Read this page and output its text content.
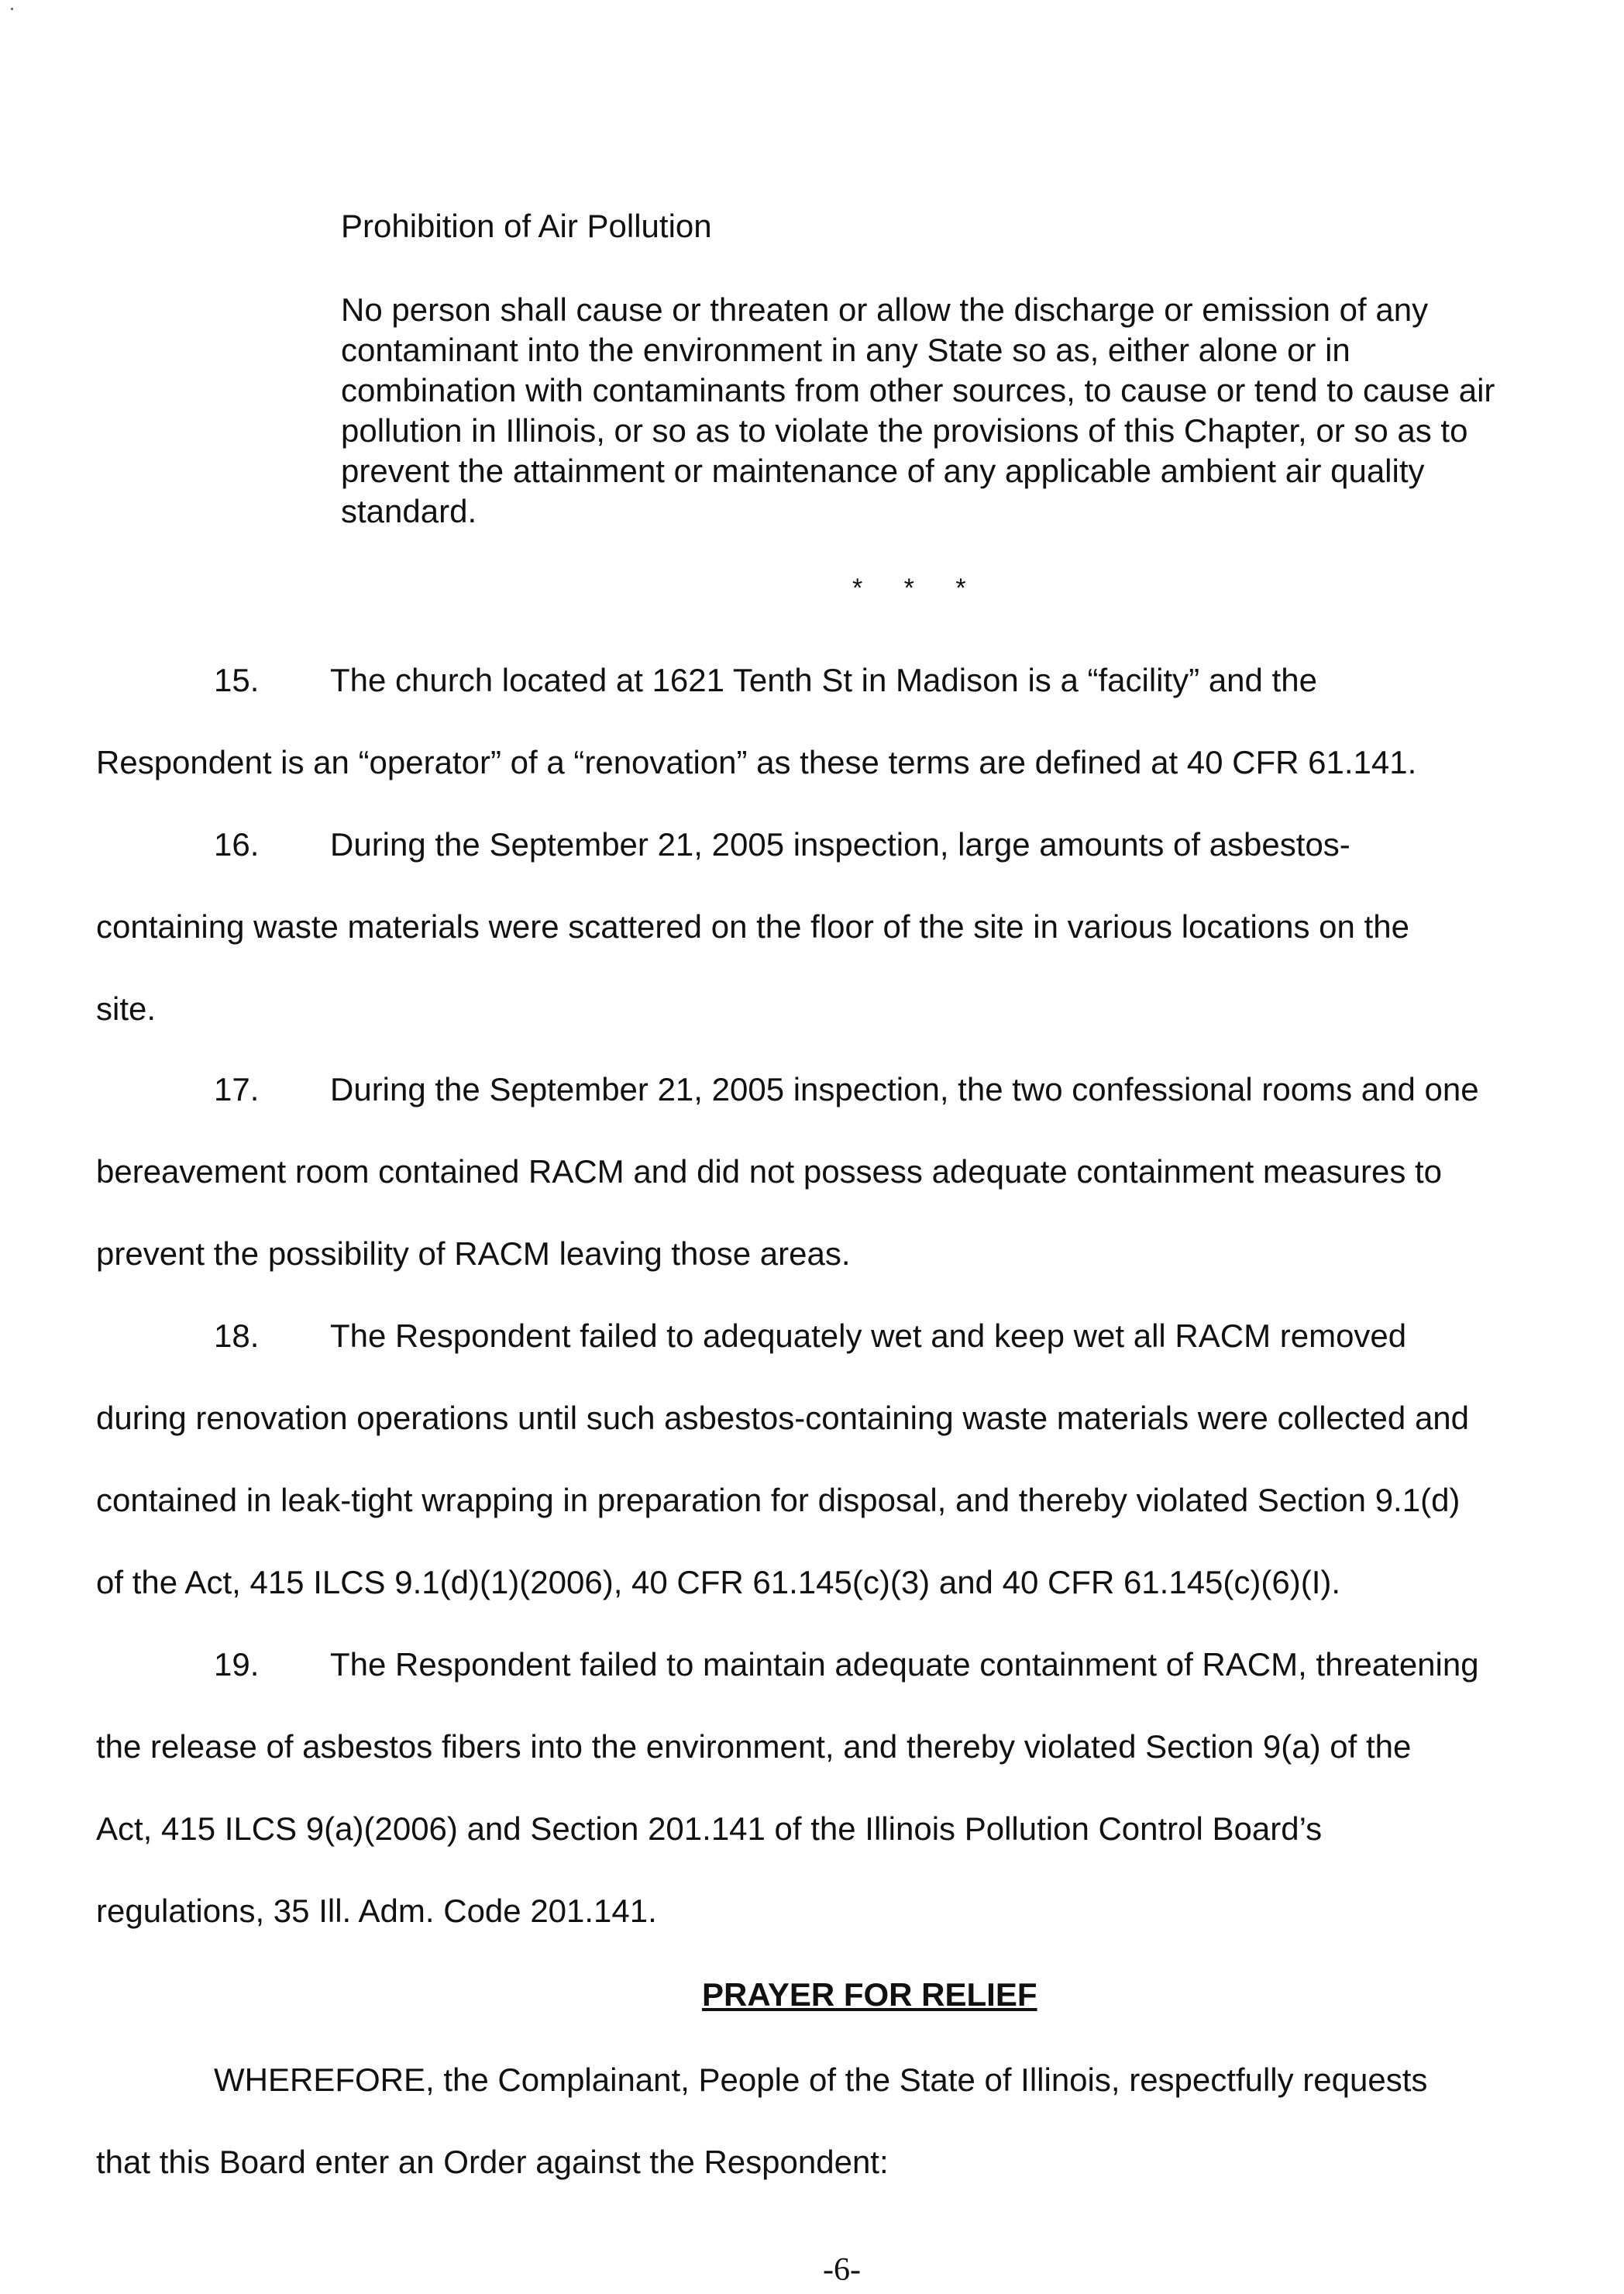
Prohibition of Air Pollution
No person shall cause or threaten or allow the discharge or emission of any
contaminant into the environment in any State so as, either alone or in
combination with contaminants from other sources, to cause or tend to cause air
pollution in Illinois, or so as to violate the provisions of this Chapter, or so as to
prevent the attainment or maintenance of any applicable ambient air quality
standard.
* * *
15. The church located at 1621 Tenth St in Madison is a “facility” and the
Respondent is an “operator” of a “renovation” as these terms are defined at 40 CFR 61.141.
16. During the September 21, 2005 inspection, large amounts of asbestos-
containing waste materials were scattered on the floor of the site in various locations on the
site.
17. During the September 21, 2005 inspection, the two confessional rooms and one
bereavement room contained RACM and did not possess adequate containment measures to
prevent the possibility of RACM leaving those areas.
18. The Respondent failed to adequately wet and keep wet all RACM removed
during renovation operations until such asbestos-containing waste materials were collected and
contained in leak-tight wrapping in preparation for disposal, and thereby violated Section 9.1(d)
of the Act, 415 ILCS 9.1(d)(1)(2006), 40 CFR 61.145(c)(3) and 40 CFR 61.145(c)(6)(I).
19. The Respondent failed to maintain adequate containment of RACM, threatening
the release of asbestos fibers into the environment, and thereby violated Section 9(a) of the
Act, 415 ILCS 9(a)(2006) and Section 201.141 of the Illinois Pollution Control Board’s
regulations, 35 Ill. Adm. Code 201.141.
PRAYER FOR RELIEF
WHEREFORE, the Complainant, People of the State of Illinois, respectfully requests
that this Board enter an Order against the Respondent:
-6-
